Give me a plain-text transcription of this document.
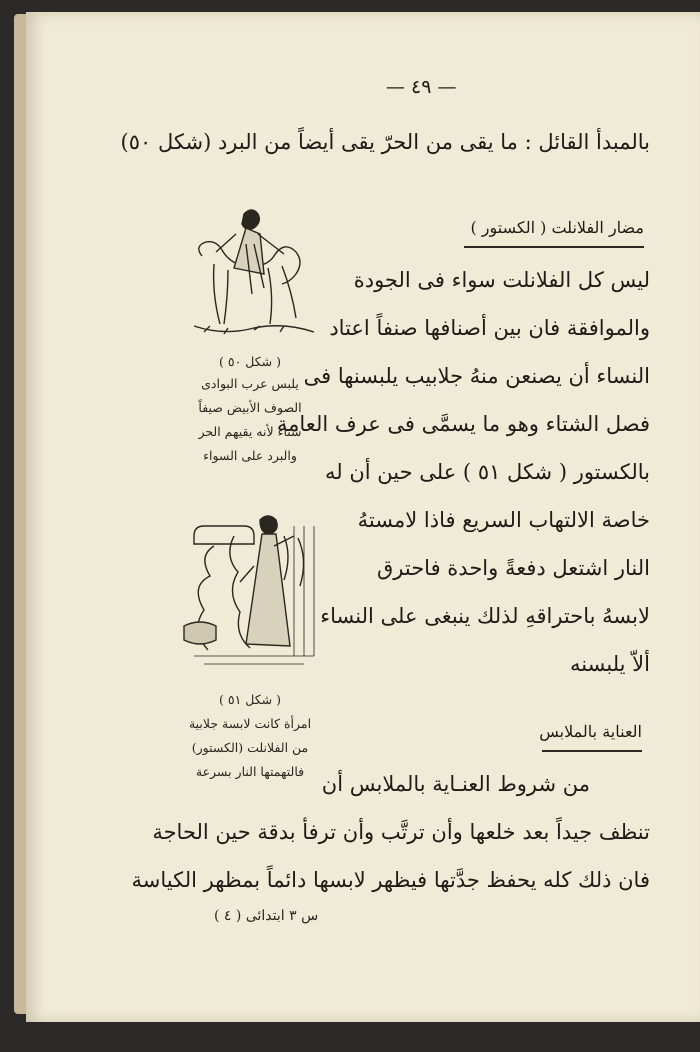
— ٤٩ —
بالمبدأ القائل : ما يقى من الحرّ يقى أيضاً من البرد (شكل ٥٠)
مضار الفلانلت ( الكستور )
ليس كل الفلانلت سواء فى الجودة
والموافقة فان بين أصنافها صنفاً اعتاد
النساء أن يصنعن منهُ جلابيب يلبسنها فى
فصل الشتاء وهو ما يسمَّى فى عرف العامة
بالكستور ( شكل ٥١ ) على حين أن له
خاصة الالتهاب السريع فاذا لامستهُ
النار اشتعل دفعةً واحدة فاحترق
لابسهُ باحتراقهِ لذلك ينبغى على النساء
ألاّ يلبسنه
( شكل ٥٠ )
يلبس عرب البوادى
الصوف الأبيض صيفاً
شتاء لأنه يقيهم الحر
والبرد على السواء
( شكل ٥١ )
امرأة كانت لابسة جلابية
من الفلانلت (الكستور)
فالتهمتها النار بسرعة
العناية بالملابس
من شروط العنـاية بالملابس أن
تنظف جيداً بعد خلعها وأن ترتَّب وأن ترفأ بدقة حين الحاجة
فان ذلك كله يحفظ جدَّتها فيظهر لابسها دائماً بمظهر الكياسة
س ٣ ابتدائى ( ٤ )
